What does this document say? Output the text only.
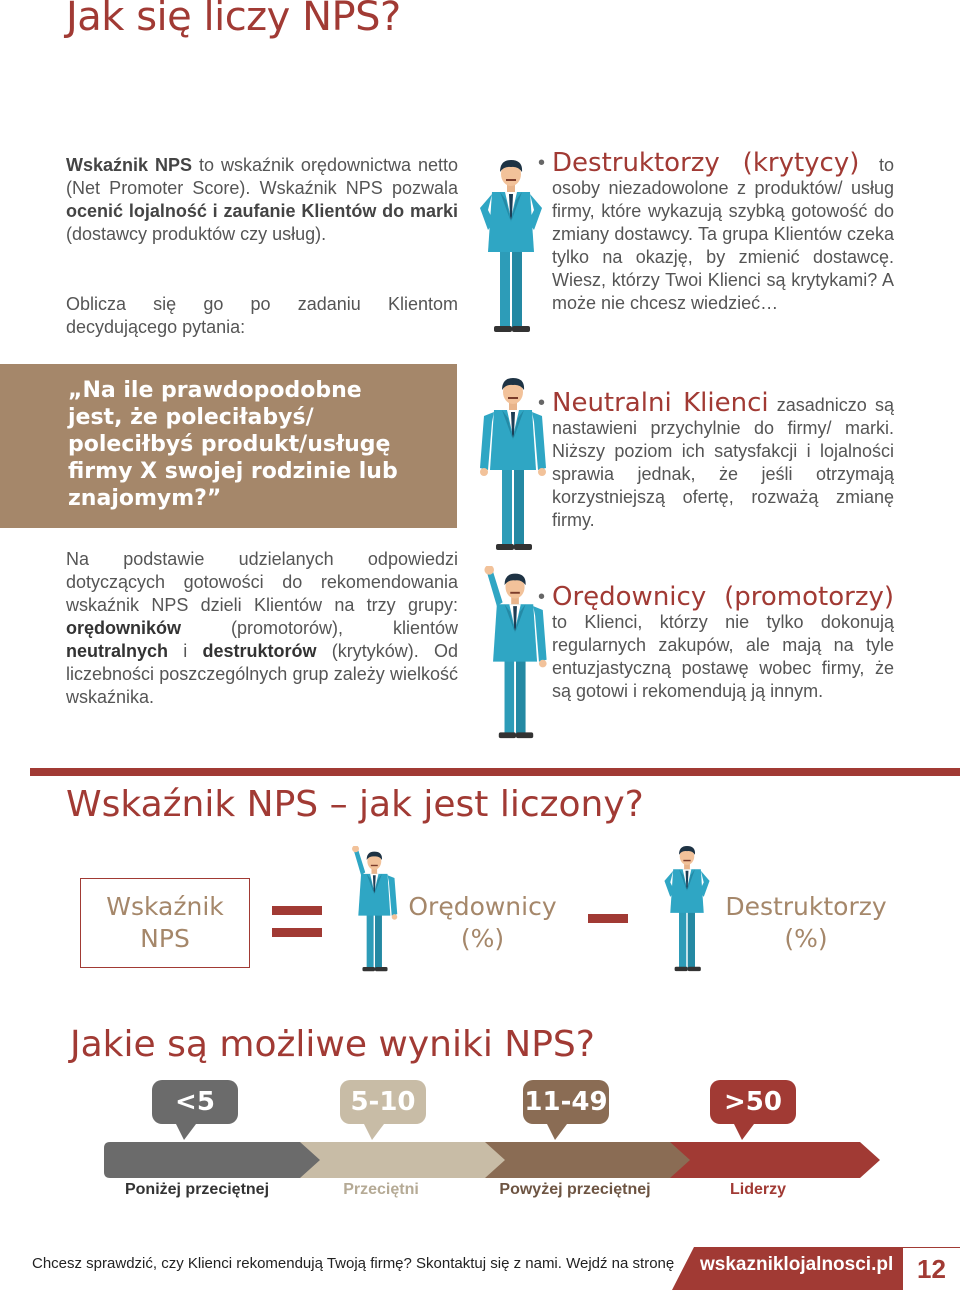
Jak się liczy NPS?

Wskaźnik NPS to wskaźnik orędownictwa netto (Net Promoter Score). Wskaźnik NPS pozwala ocenić lojalność i zaufanie Klientów do marki (dostawcy produktów czy usług).

Oblicza się go po zadaniu Klientom decydującego pytania:

„Na ile prawdopodobne jest, że poleciłabyś/ poleciłbyś produkt/usługę firmy X swojej rodzinie lub znajomym?”

Na podstawie udzielanych odpowiedzi dotyczących gotowości do rekomendowania wskaźnik NPS dzieli Klientów na trzy grupy: orędowników (promotorów), klientów neutralnych i destruktorów (krytyków). Od liczebności poszczególnych grup zależy wielkość wskaźnika.

• Destruktorzy (krytycy) to osoby niezadowolone z produktów/ usług firmy, które wykazują szybką gotowość do zmiany dostawcy. Ta grupa Klientów czeka tylko na okazję, by zmienić dostawcę. Wiesz, którzy Twoi Klienci są krytykami? A może nie chcesz wiedzieć…
• Neutralni Klienci zasadniczo są nastawieni przychylnie do firmy/ marki. Niższy poziom ich satysfakcji i lojalności sprawia jednak, że jeśli otrzymają korzystniejszą ofertę, rozważą zmianę firmy.
• Orędownicy (promotorzy) to Klienci, którzy nie tylko dokonują regularnych zakupów, ale mają na tyle entuzjastyczną postawę wobec firmy, że są gotowi i rekomendują ją innym.
Wskaźnik NPS – jak jest liczony?
Wskaźnik
NPS
Orędownicy
(%)
Destruktorzy
(%)
Jakie są możliwe wyniki NPS?
<5	5-10	11-49	>50
Poniżej przeciętnej	Przeciętni	Powyżej przeciętnej	Liderzy
Chcesz sprawdzić, czy Klienci rekomendują Twoją firmę? Skontaktuj się z nami. Wejdź na stronę wskazniklojalnosci.pl 12
